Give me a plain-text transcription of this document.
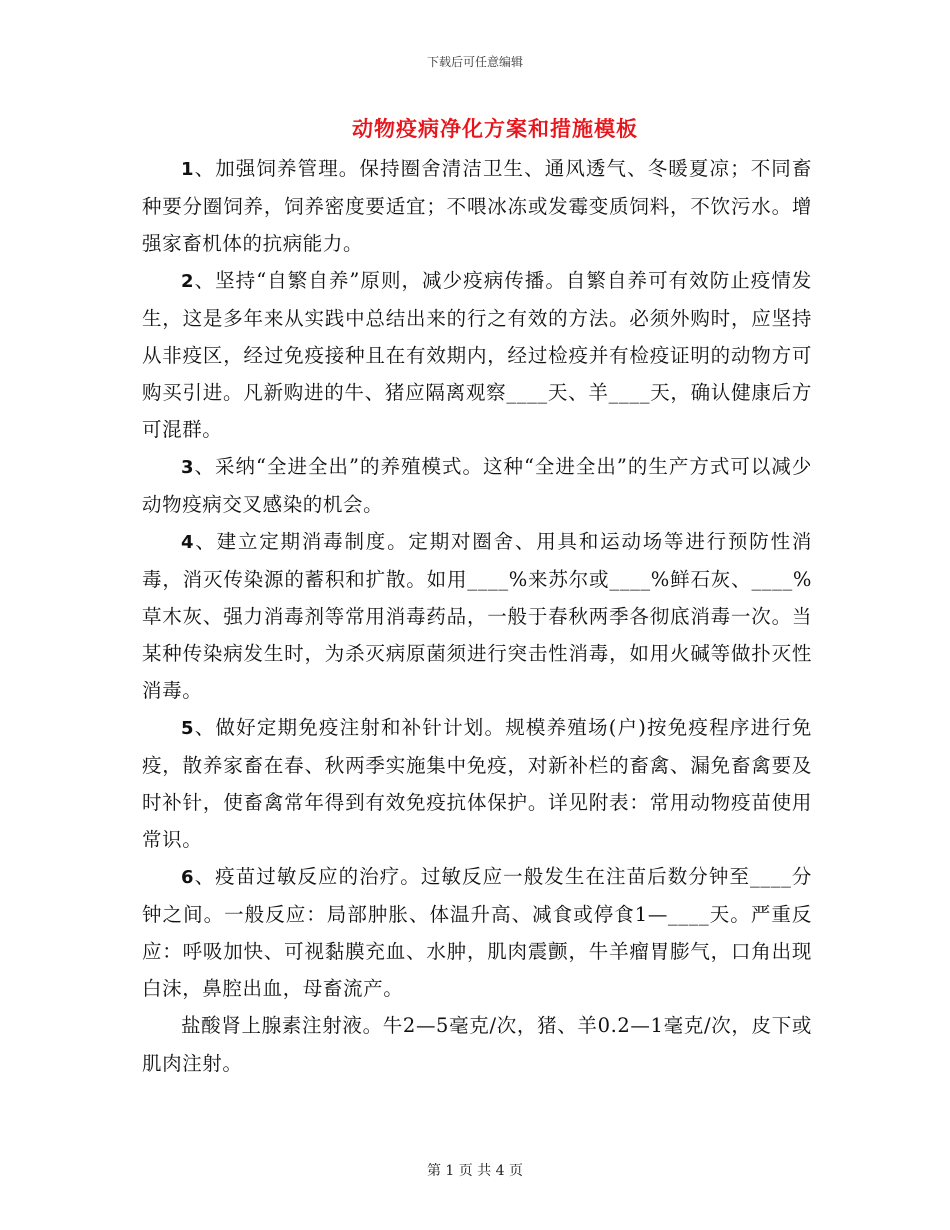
下载后可任意编辑
动物疫病净化方案和措施模板

1、加强饲养管理。保持圈舍清洁卫生、通风透气、冬暖夏凉；不同畜种要分圈饲养，饲养密度要适宜；不喂冰冻或发霉变质饲料，不饮污水。增强家畜机体的抗病能力。

2、坚持“自繁自养”原则，减少疫病传播。自繁自养可有效防止疫情发生，这是多年来从实践中总结出来的行之有效的方法。必须外购时，应坚持从非疫区，经过免疫接种且在有效期内，经过检疫并有检疫证明的动物方可购买引进。凡新购进的牛、猪应隔离观察____天、羊____天，确认健康后方可混群。

3、采纳“全进全出”的养殖模式。这种“全进全出”的生产方式可以减少动物疫病交叉感染的机会。

4、建立定期消毒制度。定期对圈舍、用具和运动场等进行预防性消毒，消灭传染源的蓄积和扩散。如用____%来苏尔或____%鲜石灰、____%草木灰、强力消毒剂等常用消毒药品，一般于春秋两季各彻底消毒一次。当某种传染病发生时，为杀灭病原菌须进行突击性消毒，如用火碱等做扑灭性消毒。

5、做好定期免疫注射和补针计划。规模养殖场(户)按免疫程序进行免疫，散养家畜在春、秋两季实施集中免疫，对新补栏的畜禽、漏免畜禽要及时补针，使畜禽常年得到有效免疫抗体保护。详见附表：常用动物疫苗使用常识。

6、疫苗过敏反应的治疗。过敏反应一般发生在注苗后数分钟至____分钟之间。一般反应：局部肿胀、体温升高、减食或停食1—____天。严重反应：呼吸加快、可视黏膜充血、水肿，肌肉震颤，牛羊瘤胃膨气，口角出现白沫，鼻腔出血，母畜流产。

盐酸肾上腺素注射液。牛2—5毫克/次，猪、羊0.2—1毫克/次，皮下或肌肉注射。

第 1 页 共 4 页
